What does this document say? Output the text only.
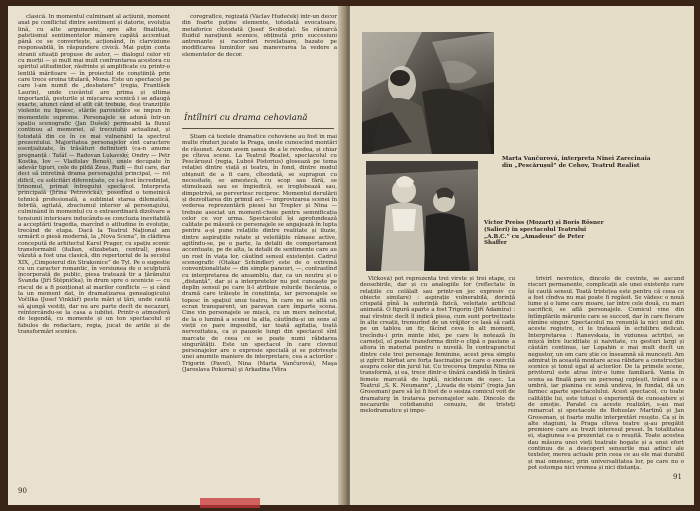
clasică. În momentul culminant al acțiunii, moment axat pe conflictul dintre sentiment și datorie, evoluția lină, cu alte argumente, spre alte finalitate, patetismul sentimentelor mânere capătă accentuat până ce se convertește, acționând, în clarviziune responsabilă, în răspundere civică. Mai puțin conta stranii situații propuse de autor, — dialogul celor vii cu morții — și mult mai mult confruntarea acestora cu spiritul atitudinilor, răsfrinte și amplificate cu printr-o lentilă măritoare — în proiectul de conștiință prin care trece eroina titulară, Mona. Este un spectacol pe care l-am numit de „desbatere” (regia, František Laurin), unde cuvântul are prima și ultima importanță, gesturile și mișcarea scenică i se adaugă exacte, atunci când el atît cât trebuie, deși tranzițiile violente nu lipsesc, stările paroxistice se impun în momentele supreme. Personajele se adună într-un spațiu scenografic (Jan Dušek) permeabil la fluxul continuu al memoriei, al trecutului actualizat, și totodată din ce în ce mai vulnerabil la spectrul prezentului. Majoritatea personajelor sînt caractere esențializate, în trăsături definitorii (ca-n anume pregnanță : Taťáť — Radovan Lukavský, Ondry — Petr Kostka, Iov — Vladislav Beneš), unele decupate în adevăr tipuri, cele de pildă Zeus, Rudi — fiul care, dar deci să intretină drama personajului principal, — rol dificil, cu solicitări diferențiate, ce i-a fost încredințat, trinomul, primat întregului spectacol. Interpreta principală (Jiřina Petrovická), posedînd o temeinică tehnică profesională, a subliniat starea dilematică, febrilă, agitată, zbuciumul interior al personajului, culminând în momentul cu o extraordinară dizolvare a tensiunii interioare inducându-se concluzia inevitabilă a acceptării tragedia, marcînd o atitudine în evoluție, trecând de etapa. Dacă la Teatrul Național am urmărit o piesă modernă, la „Nova Scena”, în clădirea concepută de arhitectul Karel Prager, cu spațiu scenic transformabil (italian, elizabetan, central), piesa văzută a fost una clasică, din repertoriul de la secolul XIX, „Cimpoierul din Strakonice” de Tyl. Pe o sugestie cu un caracter romantic, în versiunea de o sculptură încorporată de public, piesa tratează tir a țărănului Švanda (Jiří Štěpnička), în drum spre o ucenicie — cu riscul de a fi poziționat al marilor conflicte — și când la un moment dat, în dramatizarea genealogicului Vočilka (Josef Vinklář) peste mări și țări, unde caută să ajungă vestiți, dar nu are parte decît de necazuri, reîntorcându-se la casa a iubitei. Printr-o atmosferă de legendă, cu momente și un ton spectacolul și fabulos de redactare, regia, jucat de ariile și de transformări scenice.

coregrafice, regizată (Václav Hudeček) într-un decor din foarte puține elemente, totodată evocatoare, metaforice cîteodată (Josef Svoboda). Se rămarcă fluidul narațiunii scenice, obținută prin succesiuni antrenante și racorduri revelatoare, bazate pe modificarea luminilor sau manevrarea la vedere a elementelor de decor.

Întîlniri cu drama cehoviană

Știam că textele dramatice cehoviene au fost în mai multe rînduri jucate la Praga, unele cunoscînd montări de răsunet. Acum avem șansa de a le revedea, și chiar pe cîteva scene. La Teatrul Realist, spectacolul cu Pescărușul (regia, Luboš Pistorius) glosează pe tema relației dintre viață și teatru, în fond, dintre modul obișnuit de a fi care, cîteodată, se suprapun cu necesitate, se amestecă, cu scop sau fără, se stimulează sau se împiedică, se iroglobează sau, dimpotrivă, se pervertesc reciproc. Momentul derulării și dezvoltarea din primul act — improvizarea scenei în vederea reprezentării piesei lui Treplev și Nina — trebuie asociat un moment-cheie pentru semnificația celor ce vor urma. Spectacolul își aprofundează calitate pe măsură ce personajele se angajează în lupta pentru a-și pune relațiile dintre realitate și iluzie, dintre aspirațiile ratate și veleitățile rămase active, agitîndu-se, pe o parte, la detalii de comportament accentuate, pe de alta, la detalii de sentimente care au un rost în viața lor, căutînd sensul existenței. Cadrul scenografic (Otakar Schindler) este de o extremă convenționalitate — din simple panouri, —, contrastînd cu interpretarea de ansamblu, dar, ca un neutru și o „distanță”, dar și a interpretelor nu pot cunoaște pe deplin sensul pe care li-l atribuie rolurile fiecăruia, o dramă care trăiește în conștiința, iar personajele se topesc în spațiul unui teatru, în care nu se află un ecran transparent, un paravan care împarte scena. Cine vin personajele se mișcă, cu un mers neîncetat, de la o lumină a scenei la alta, căutîndu-și un sens al vieții ce pare imposibil, iar toată agitația, toată nervozitatea, ca și pauzele lungi din spectacol sînt marcate de ceea ce se poate numi răbdarea singurătății. Este un spectacol în care clovnul personajelor are o expresie specială și se potrivește unei anumite maniere de interpretare, cea a actorilor : Trigorin (Pavel), Nina (Marta Vančurová), Maşa (Jaroslava Pokorná) şi Arkadina (Věra

90
Marta Vančurová, interpreta Ninei Zarecinaia din „Pescărușul” de Cehov, Teatrul Realist
Victor Preiss (Mozart) și Boris Rösner (Salieri) în spectacolul Teatrului „A.B.C.” cu „Amadeus” de Peter Shaffer

Vlčková) pot reprezenta trei vîrste și trei etape, cu deosebirile, dar și cu analogiile lor (reflectate în relațiile cu celălalt sau printr-un joc expresiv cu obiecte similare) : aspirație vulnerabilă, dorință crispată pînă la suferință fizică, veleitate artificial animată. O figură aparte a fost Trigorin (Jiří Adamíra) : mai vîrstnic decît îl indică piesa, cum sunt portretizate în alte creații, tremurînd de un vrăjitor ce lasă să cadă pe un tablou un fir, făcînd ceva în alt moment, trecîndu-i prin minte idei, pe care le notează în carnețel, el poate transforma dintr-o clipă o pasiune a altora în material pentru o nuvelă. În contrapunctul dintre cele trei personaje feminine, acest prea simplu și zgîrcit bărbat are forța fascinației pe care o exercită asupra celor din jurul lui. Cu trecerea timpului Nina se transformă, și ea, trece dintr-o tînără candidă în tînără femeie marcată de luptă, nicidecum de eșec. La Teatrul „S. K. Neumann”, „Livada de vișini” (regia Jan Grossman) pare să își fi fost de o sesiza comicul voit de dramaturg în tratarea personajelor sale. Dincolo de necazurile cotidianului cenușiu, de tristeți melodramatice și impo-

trivirl nevrotice, dincolo de cuvinte, se ascund riscuri permanente, complicații ale unei existențe care își caută sensul. Toată tristețea este pentru că ceea ce a fost cîndva nu mai poate fi regăsit. Se vădesc o nouă lume și o lume care moare, iar între cele două, cu mari sacrificii, se află personajele. Comicul vine din întîmplările mărunte care se succed, dar în care fiecare rămîne singur. Spectacolul nu renunță la nici unul din aceste registre, ci le tratează în echilibru delicat. Interpretarea : Ranevskaia, în viziunea actriței, se mișcă între luciditate și naivitate, cu gesturi largi și căutări continue, iar Lopahin e mai mult decît un negustor, un om care știe ce înseamnă să muncești. Am admirat în această montare acea răbdare a construcției scenice și tonul egal al actorilor. De la primele scene, privitorul este atras într-o lume familiară. Vania în scena sa finală pare un personaj copleșit, trăind ca o umbră, iar pianina ce sună undeva, în fundal, dă un farmec aparte spectacolului. Acest spectacol, cu toate calitățile lui, este totuși o experiență de cunoaștere și de emoție. Paralel cu aceste realizări, s-au mai remarcat și spectacole de Bohuslav Martinů și Jan Grossman, și foarte multe interpretări reușite. Ca și în alte stagiuni, la Praga cîteva teatre și-au pregătit premiere care au trezit interesul presei. În totalitatea ei, stagiunea s-a prezentat ca o reușită. Toate acestea dau măsura unei vieți teatrale bogate și a unui efort continuu de a descoperi sensurile mai adînci ale textelor, mereu actuale prin ceea ce au ele mai durabil și mai omenesc, prin universalitatea lor, pe care nu o pot estompa nici vremea și nici distanța.

91
